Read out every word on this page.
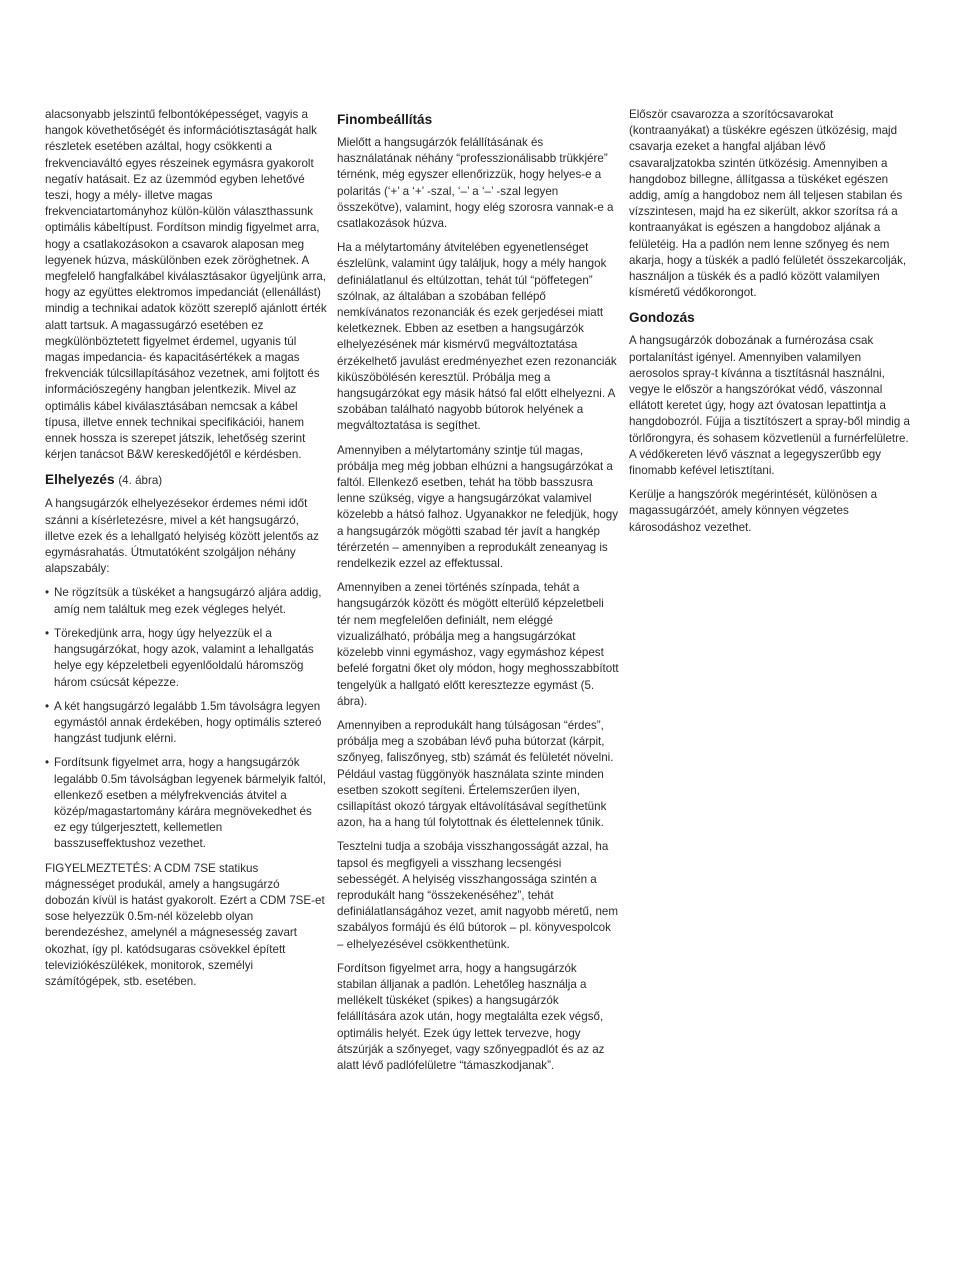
alacsonyabb jelszintű felbontóképességet, vagyis a hangok követhetőségét és információtisztaságát halk részletek esetében azáltal, hogy csökkenti a frekvenciaváltó egyes részeinek egymásra gyakorolt negatív hatásait. Ez az üzemmód egyben lehetővé teszi, hogy a mély- illetve magas frekvenciatartományhoz külön-külön választhassunk optimális kábeltípust. Fordítson mindig figyelmet arra, hogy a csatlakozásokon a csavarok alaposan meg legyenek húzva, máskülönben ezek zöröghetnek. A megfelelő hangfalkábel kiválasztásakor ügyeljünk arra, hogy az együttes elektromos impedanciát (ellenállást) mindig a technikai adatok között szereplő ajánlott érték alatt tartsuk. A magassugárzó esetében ez megkülönböztetett figyelmet érdemel, ugyanis túl magas impedancia- és kapacitásértékek a magas frekvenciák túlcsillapításához vezetnek, ami foljtott és információszegény hangban jelentkezik. Mivel az optimális kábel kiválasztásában nemcsak a kábel típusa, illetve ennek technikai specifikációi, hanem ennek hossza is szerepet játszik, lehetőség szerint kérjen tanácsot B&W kereskedőjétől e kérdésben.

Elhelyezés (4. ábra)

A hangsugárzók elhelyezésekor érdemes némi időt szánni a kísérletezésre, mivel a két hangsugárzó, illetve ezek és a lehallgató helyiség között jelentős az egymásrahatás. Útmutatóként szolgáljon néhány alapszabály:

• Ne rögzítsük a tüskéket a hangsugárzó aljára addig, amíg nem találtuk meg ezek végleges helyét.
• Törekedjünk arra, hogy úgy helyezzük el a hangsugárzókat, hogy azok, valamint a lehallgatás helye egy képzeletbeli egyenlőoldalú háromszög három csúcsát képezze.
• A két hangsugárzó legalább 1.5m távolságra legyen egymástól annak érdekében, hogy optimális sztereó hangzást tudjunk elérni.
• Fordítsunk figyelmet arra, hogy a hangsugárzók legalább 0.5m távolságban legyenek bármelyik faltól, ellenkező esetben a mélyfrekvenciás átvitel a közép/magastartomány kárára megnövekedhet és ez egy túlgerjesztett, kellemetlen basszuseffektushoz vezethet.

FIGYELMEZTETÉS: A CDM 7SE statikus mágnességet produkál, amely a hangsugárzó dobozán kívül is hatást gyakorolt. Ezért a CDM 7SE-et sose helyezzük 0.5m-nél közelebb olyan berendezéshez, amelynél a mágnesesség zavart okozhat, így pl. katódsugaras csövekkel épített televiziókészülékek, monitorok, személyi számítógépek, stb. esetében.

Finombeállítás

Mielőtt a hangsugárzók felállításának és használatának néhány “professzionálisabb trükkjére” térnénk, még egyszer ellenőrizzük, hogy helyes-e a polaritás (‘+’ a ‘+’ -szal, ‘–’ a ‘–’ -szal legyen összekötve), valamint, hogy elég szorosra vannak-e a csatlakozások húzva.

Ha a mélytartomány átvitelében egyenetlenséget észlelünk, valamint úgy találjuk, hogy a mély hangok definiálatlanul és eltúlzottan, tehát túl “pöffetegen” szólnak, az általában a szobában fellépő nemkívánatos rezonanciák és ezek gerjedései miatt keletkeznek. Ebben az esetben a hangsugárzók elhelyezésének már kismérvű megváltoztatása érzékelhető javulást eredményezhet ezen rezonanciák kiküszöbölésén keresztül. Próbálja meg a hangsugárzókat egy másik hátsó fal előtt elhelyezni. A szobában található nagyobb bútorok helyének a megváltoztatása is segíthet.

Amennyiben a mélytartomány szintje túl magas, próbálja meg még jobban elhúzni a hangsugárzókat a faltól. Ellenkező esetben, tehát ha több basszusra lenne szükség, vigye a hangsugárzókat valamivel közelebb a hátsó falhoz. Ugyanakkor ne feledjük, hogy a hangsugárzók mögötti szabad tér javít a hangkép térérzetén – amennyiben a reprodukált zeneanyag is rendelkezik ezzel az effektussal.

Amennyiben a zenei történés színpada, tehát a hangsugárzók között és mögött elterülő képzeletbeli tér nem megfelelően definiált, nem eléggé vizualizálható, próbálja meg a hangsugárzókat közelebb vinni egymáshoz, vagy egymáshoz képest befelé forgatni őket oly módon, hogy meghosszabbított tengelyük a hallgató előtt keresztezze egymást (5. ábra).

Amennyiben a reprodukált hang túlságosan “érdes”, próbálja meg a szobában lévő puha bútorzat (kárpit, szőnyeg, faliszőnyeg, stb) számát és felületét növelni. Például vastag függönyök használata szinte minden esetben szokott segíteni. Értelemszerűen ilyen, csillapítást okozó tárgyak eltávolításával segíthetünk azon, ha a hang túl folytottnak és élettelennek tűnik.

Tesztelni tudja a szobája visszhangosságát azzal, ha tapsol és megfigyeli a visszhang lecsengési sebességét. A helyiség visszhangossága szintén a reprodukált hang “összekenéséhez”, tehát definiálatlanságához vezet, amit nagyobb méretű, nem szabályos formájú és élű bútorok – pl. könyvespolcok – elhelyezésével csökkenthetünk.

Fordítson figyelmet arra, hogy a hangsugárzók stabilan álljanak a padlón. Lehetőleg használja a mellékelt tüskéket (spikes) a hangsugárzók felállítására azok után, hogy megtalálta ezek végső, optimális helyét. Ezek úgy lettek tervezve, hogy átszúrják a szőnyeget, vagy szőnyegpadlót és az az alatt lévő padlófelületre “támaszkodjanak”.

Először csavarozza a szorítócsavarokat (kontraanyákat) a tüskékre egészen ütközésig, majd csavarja ezeket a hangfal aljában lévő csavaraljzatokba szintén ütközésig. Amennyiben a hangdoboz billegne, állítgassa a tüskéket egészen addig, amíg a hangdoboz nem áll teljesen stabilan és vízszintesen, majd ha ez sikerült, akkor szorítsa rá a kontraanyákat is egészen a hangdoboz aljának a felületéig. Ha a padlón nem lenne szőnyeg és nem akarja, hogy a tüskék a padló felületét összekarcolják, használjon a tüskék és a padló között valamilyen kísméretű védőkorongot.

Gondozás

A hangsugárzók dobozának a furnérozása csak portalanítást igényel. Amennyiben valamilyen aerosolos spray-t kívánna a tisztításnál használni, vegye le először a hangszórókat védő, vászonnal ellátott keretet úgy, hogy azt óvatosan lepattintja a hangdobozról. Fújja a tisztítószert a spray-ből mindig a törlőrongyra, és sohasem közvetlenül a furnérfelületre. A védőkereten lévő vásznat a legegyszerűbb egy finomabb kefével letisztítani.

Kerülje a hangszórók megérintését, különösen a magassugárzóét, amely könnyen végzetes károsodáshoz vezethet.
